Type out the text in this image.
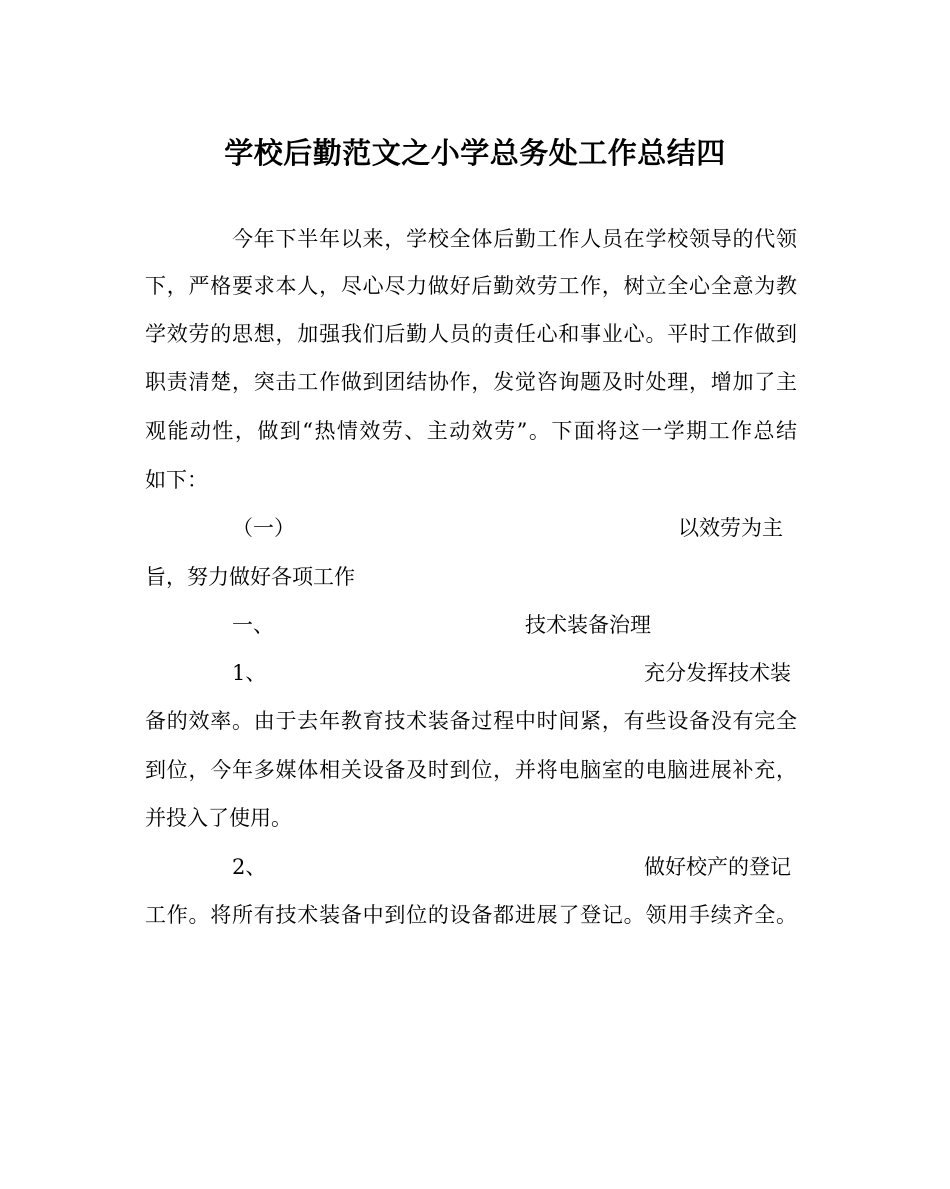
学校后勤范文之小学总务处工作总结四
今年下半年以来，学校全体后勤工作人员在学校领导的代领
下，严格要求本人，尽心尽力做好后勤效劳工作，树立全心全意为教
学效劳的思想，加强我们后勤人员的责任心和事业心。平时工作做到
职责清楚，突击工作做到团结协作，发觉咨询题及时处理，增加了主
观能动性，做到“热情效劳、主动效劳”。下面将这一学期工作总结
如下：
（一）	以效劳为主
旨，努力做好各项工作
一、	技术装备治理
1、	充分发挥技术装
备的效率。由于去年教育技术装备过程中时间紧，有些设备没有完全
到位，今年多媒体相关设备及时到位，并将电脑室的电脑进展补充，
并投入了使用。
2、	做好校产的登记
工作。将所有技术装备中到位的设备都进展了登记。领用手续齐全。
